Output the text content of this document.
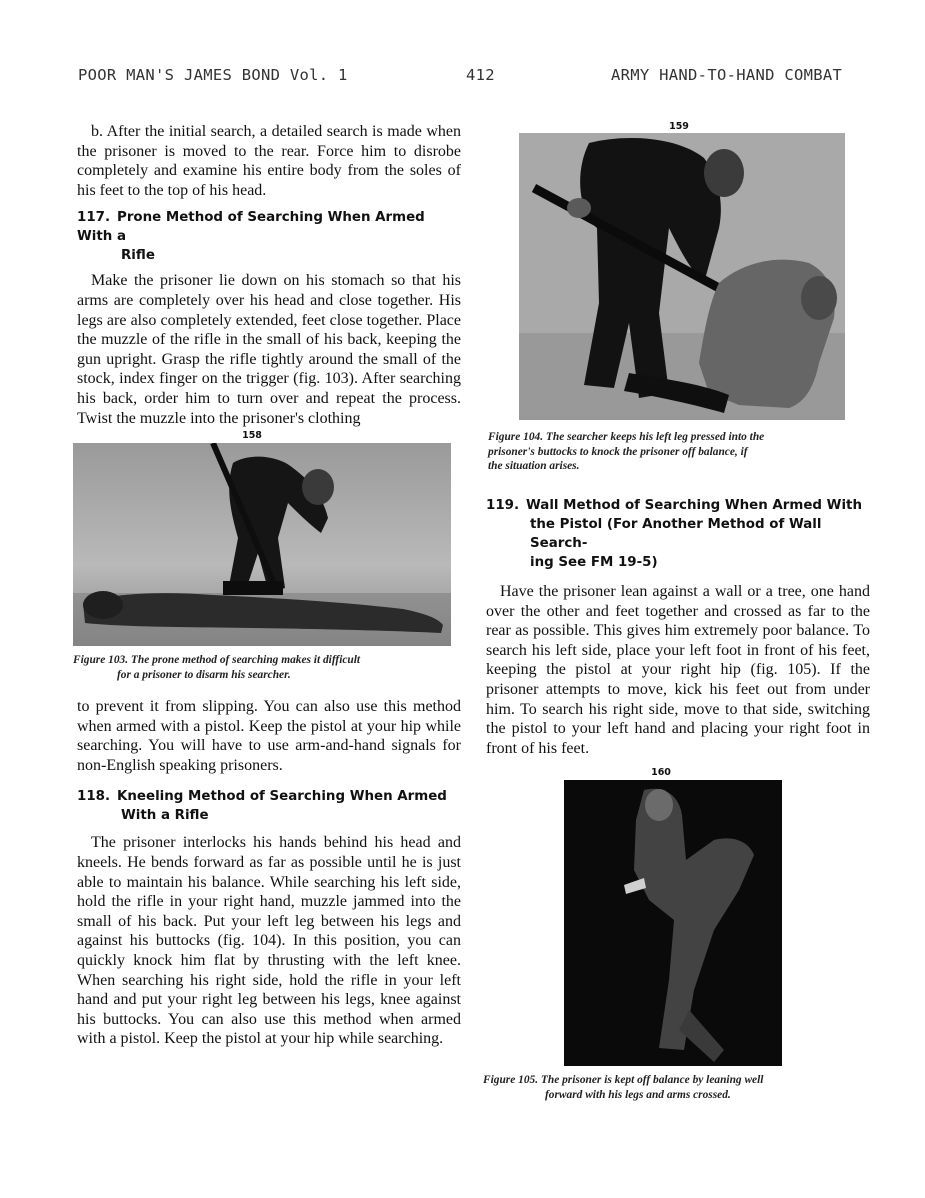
POOR MAN'S JAMES BOND Vol. 1	412	ARMY HAND-TO-HAND COMBAT

b. After the initial search, a detailed search is made when the prisoner is moved to the rear. Force him to disrobe completely and examine his entire body from the soles of his feet to the top of his head.

117. Prone Method of Searching When Armed With a
Rifle

Make the prisoner lie down on his stomach so that his arms are completely over his head and close together. His legs are also completely extended, feet close together. Place the muzzle of the rifle in the small of his back, keeping the gun upright. Grasp the rifle tightly around the small of the stock, index finger on the trigger (fig. 103). After searching his back, order him to turn over and repeat the process. Twist the muzzle into the prisoner's clothing

158

Figure 103. The prone method of searching makes it difficult

for a prisoner to disarm his searcher.

to prevent it from slipping. You can also use this method when armed with a pistol. Keep the pistol at your hip while searching. You will have to use arm-and-hand signals for non-English speaking prisoners.

118. Kneeling Method of Searching When Armed
With a Rifle

The prisoner interlocks his hands behind his head and kneels. He bends forward as far as possible until he is just able to maintain his balance. While searching his left side, hold the rifle in your right hand, muzzle jammed into the small of his back. Put your left leg between his legs and against his buttocks (fig. 104). In this position, you can quickly knock him flat by thrusting with the left knee. When searching his right side, hold the rifle in your left hand and put your right leg between his legs, knee against his buttocks. You can also use this method when armed with a pistol. Keep the pistol at your hip while searching.

159

Figure 104. The searcher keeps his left leg pressed into the

prisoner's buttocks to knock the prisoner off balance, if

the situation arises.

119. Wall Method of Searching When Armed With
the Pistol (For Another Method of Wall Search-
ing See FM 19-5)

Have the prisoner lean against a wall or a tree, one hand over the other and feet together and crossed as far to the rear as possible. This gives him extremely poor balance. To search his left side, place your left foot in front of his feet, keeping the pistol at your right hip (fig. 105). If the prisoner attempts to move, kick his feet out from under him. To search his right side, move to that side, switching the pistol to your left hand and placing your right foot in front of his feet.

160

Figure 105. The prisoner is kept off balance by leaning well

forward with his legs and arms crossed.
